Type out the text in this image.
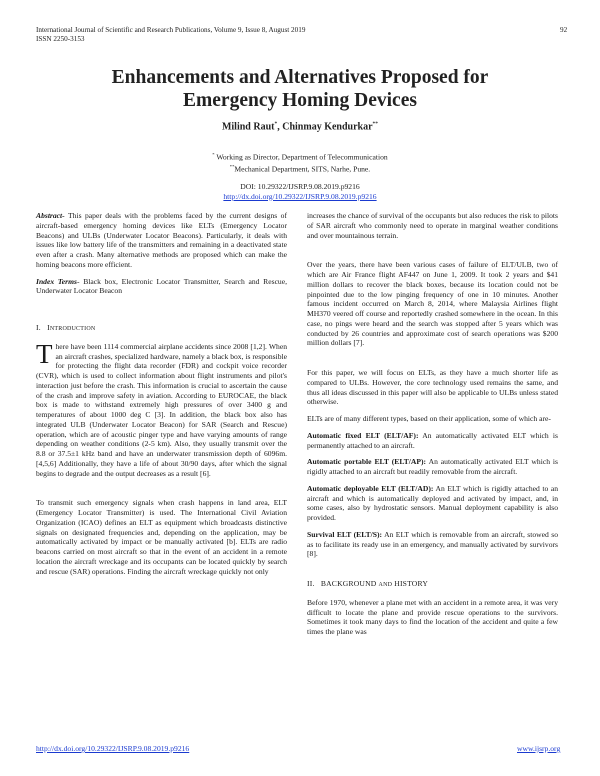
International Journal of Scientific and Research Publications, Volume 9, Issue 8, August 2019
ISSN 2250-3153
92
Enhancements and Alternatives Proposed for
Emergency Homing Devices
Milind Raut*, Chinmay Kendurkar**
* Working as Director, Department of Telecommunication
**Mechanical Department, SITS, Narhe, Pune.
DOI: 10.29322/IJSRP.9.08.2019.p9216
http://dx.doi.org/10.29322/IJSRP.9.08.2019.p9216

Abstract- This paper deals with the problems faced by the current designs of aircraft-based emergency homing devices like ELTs (Emergency Locator Beacons) and ULBs (Underwater Locator Beacons). Particularly, it deals with issues like low battery life of the transmitters and remaining in a deactivated state even after a crash. Many alternative methods are proposed which can make the homing beacons more efficient.

Index Terms- Black box, Electronic Locator Transmitter, Search and Rescue, Underwater Locator Beacon

I. INTRODUCTION

T here have been 1114 commercial airplane accidents since 2008 [1,2]. When an aircraft crashes, specialized hardware, namely a black box, is responsible for protecting the flight data recorder (FDR) and cockpit voice recorder (CVR), which is used to collect information about flight instruments and pilot's interaction just before the crash. This information is crucial to ascertain the cause of the crash and improve safety in aviation. According to EUROCAE, the black box is made to withstand extremely high pressures of over 3400 g and temperatures of about 1000 deg C [3]. In addition, the black box also has integrated ULB (Underwater Locator Beacon) for SAR (Search and Rescue) operation, which are of acoustic pinger type and have varying amounts of range depending on weather conditions (2-5 km). Also, they usually transmit over the 8.8 or 37.5±1 kHz band and have an underwater transmission depth of 6096m. [4,5,6] Additionally, they have a life of about 30/90 days, after which the signal begins to degrade and the output decreases as a result [6].

To transmit such emergency signals when crash happens in land area, ELT (Emergency Locator Transmitter) is used. The International Civil Aviation Organization (ICAO) defines an ELT as equipment which broadcasts distinctive signals on designated frequencies and, depending on the application, may be automatically activated by impact or be manually activated [b]. ELTs are radio beacons carried on most aircraft so that in the event of an accident in a remote location the aircraft wreckage and its occupants can be located quickly by search and rescue (SAR) operations. Finding the aircraft wreckage quickly not only

increases the chance of survival of the occupants but also reduces the risk to pilots of SAR aircraft who commonly need to operate in marginal weather conditions and over mountainous terrain.

Over the years, there have been various cases of failure of ELT/ULB, two of which are Air France flight AF447 on June 1, 2009. It took 2 years and $41 million dollars to recover the black boxes, because its location could not be pinpointed due to the low pinging frequency of one in 10 minutes. Another famous incident occurred on March 8, 2014, where Malaysia Airlines flight MH370 veered off course and reportedly crashed somewhere in the ocean. In this case, no pings were heard and the search was stopped after 5 years which was conducted by 26 countries and approximate cost of search operations was $200 million dollars [7].

For this paper, we will focus on ELTs, as they have a much shorter life as compared to ULBs. However, the core technology used remains the same, and thus all ideas discussed in this paper will also be applicable to ULBs unless stated otherwise.

ELTs are of many different types, based on their application, some of which are-

Automatic fixed ELT (ELT/AF): An automatically activated ELT which is permanently attached to an aircraft.

Automatic portable ELT (ELT/AP): An automatically activated ELT which is rigidly attached to an aircraft but readily removable from the aircraft.

Automatic deployable ELT (ELT/AD): An ELT which is rigidly attached to an aircraft and which is automatically deployed and activated by impact, and, in some cases, also by hydrostatic sensors. Manual deployment capability is also provided.

Survival ELT (ELT/S): An ELT which is removable from an aircraft, stowed so as to facilitate its ready use in an emergency, and manually activated by survivors [8].

II. BACKGROUND AND HISTORY

Before 1970, whenever a plane met with an accident in a remote area, it was very difficult to locate the plane and provide rescue operations to the survivors. Sometimes it took many days to find the location of the accident and quite a few times the plane was

http://dx.doi.org/10.29322/IJSRP.9.08.2019.p9216	www.ijsrp.org
